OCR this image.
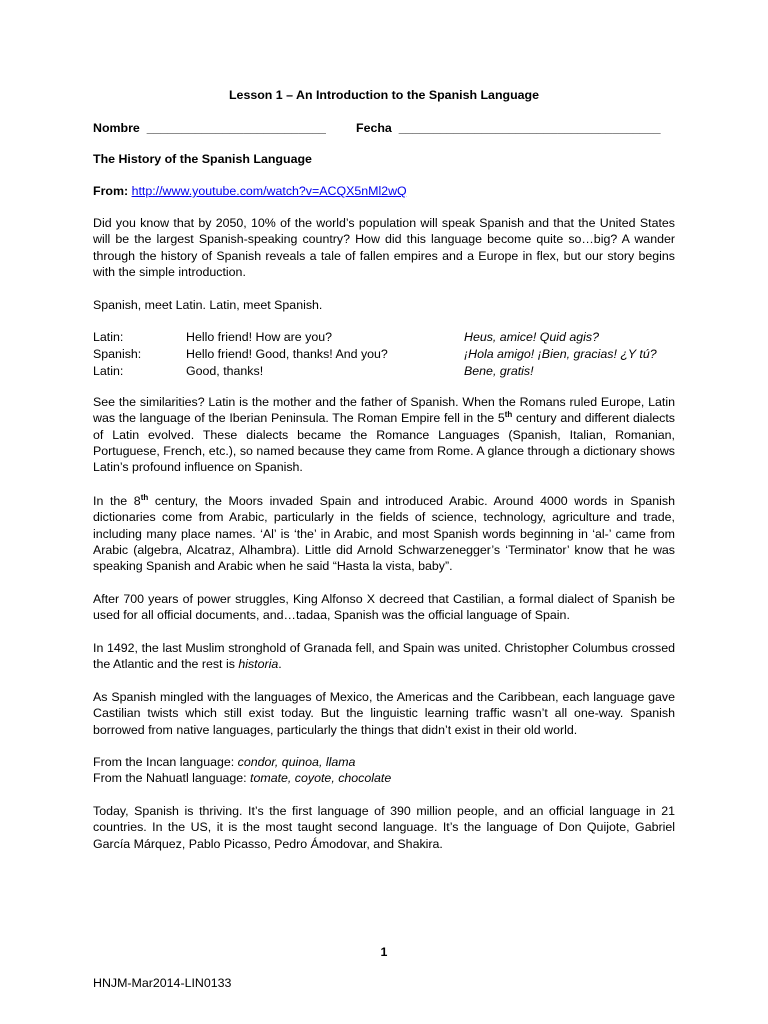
Lesson 1 – An Introduction to the Spanish Language
Nombre __________________________ Fecha ______________________________________
The History of the Spanish Language
From: http://www.youtube.com/watch?v=ACQX5nMl2wQ
Did you know that by 2050, 10% of the world’s population will speak Spanish and that the United States will be the largest Spanish-speaking country? How did this language become quite so…big? A wander through the history of Spanish reveals a tale of fallen empires and a Europe in flex, but our story begins with the simple introduction.
Spanish, meet Latin. Latin, meet Spanish.
Latin:	Hello friend! How are you?	Heus, amice! Quid agis?
Spanish:	Hello friend! Good, thanks! And you?	¡Hola amigo! ¡Bien, gracias! ¿Y tú?
Latin:	Good, thanks!	Bene, gratis!
See the similarities? Latin is the mother and the father of Spanish. When the Romans ruled Europe, Latin was the language of the Iberian Peninsula. The Roman Empire fell in the 5th century and different dialects of Latin evolved. These dialects became the Romance Languages (Spanish, Italian, Romanian, Portuguese, French, etc.), so named because they came from Rome. A glance through a dictionary shows Latin’s profound influence on Spanish.
In the 8th century, the Moors invaded Spain and introduced Arabic. Around 4000 words in Spanish dictionaries come from Arabic, particularly in the fields of science, technology, agriculture and trade, including many place names. ‘Al’ is ‘the’ in Arabic, and most Spanish words beginning in ‘al-’ came from Arabic (algebra, Alcatraz, Alhambra). Little did Arnold Schwarzenegger’s ‘Terminator’ know that he was speaking Spanish and Arabic when he said “Hasta la vista, baby”.
After 700 years of power struggles, King Alfonso X decreed that Castilian, a formal dialect of Spanish be used for all official documents, and…tadaa, Spanish was the official language of Spain.
In 1492, the last Muslim stronghold of Granada fell, and Spain was united. Christopher Columbus crossed the Atlantic and the rest is historia.
As Spanish mingled with the languages of Mexico, the Americas and the Caribbean, each language gave Castilian twists which still exist today. But the linguistic learning traffic wasn’t all one-way. Spanish borrowed from native languages, particularly the things that didn’t exist in their old world.
From the Incan language: condor, quinoa, llama
From the Nahuatl language: tomate, coyote, chocolate
Today, Spanish is thriving. It’s the first language of 390 million people, and an official language in 21 countries. In the US, it is the most taught second language. It’s the language of Don Quijote, Gabriel García Márquez, Pablo Picasso, Pedro Ámodovar, and Shakira.
1
HNJM-Mar2014-LIN0133
